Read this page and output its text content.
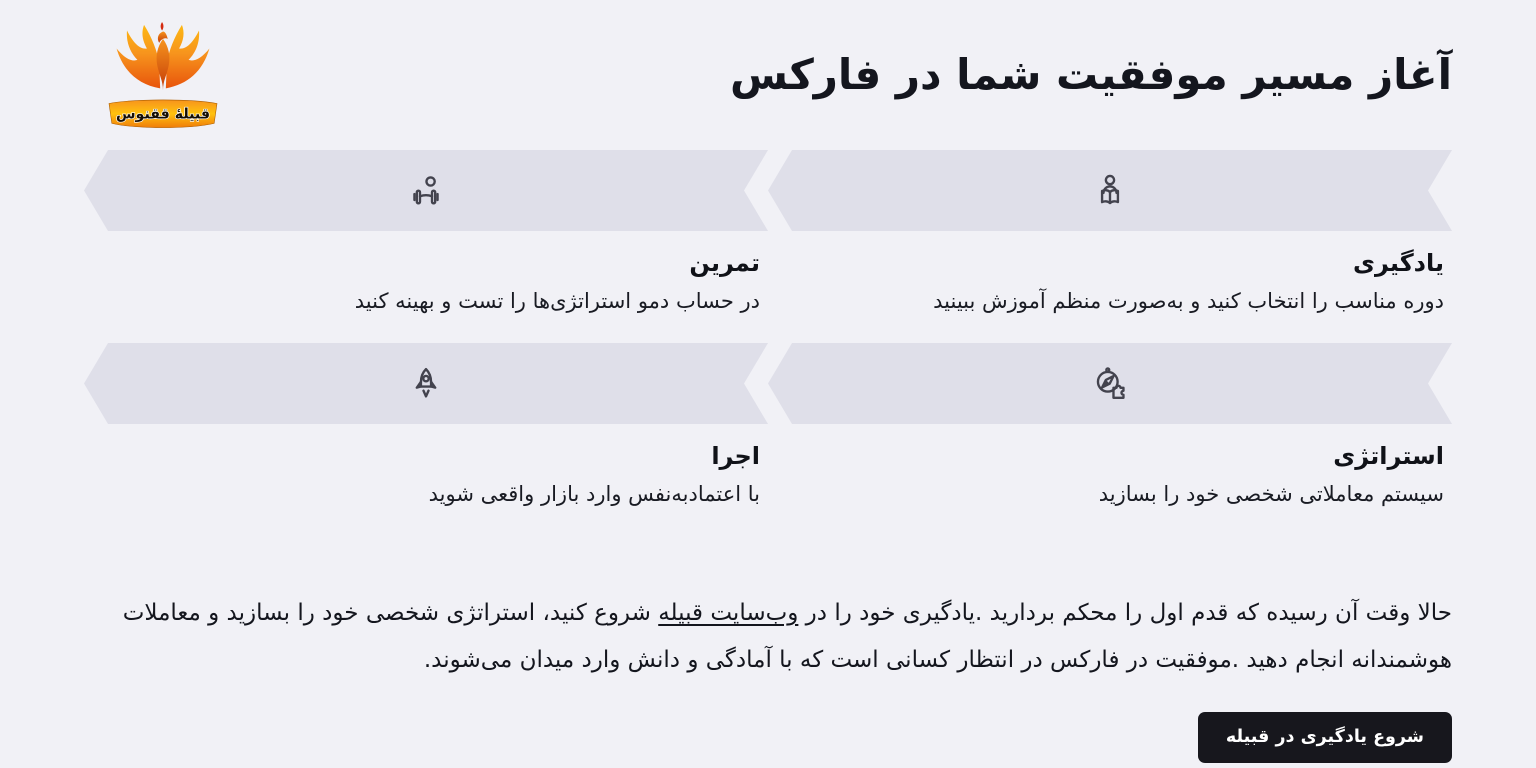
آغاز مسیر موفقیت شما در فارکس
قبیلهٔ ققنوس
یادگیری
دوره مناسب را انتخاب کنید و به‌صورت منظم آموزش ببینید
تمرین
در حساب دمو استراتژی‌ها را تست و بهینه کنید
استراتژی
سیستم معاملاتی شخصی خود را بسازید
اجرا
با اعتمادبه‌نفس وارد بازار واقعی شوید

حالا وقت آن رسیده که قدم اول را محکم بردارید .یادگیری خود را در وب‌سایت قبیله شروع کنید، استراتژی شخصی خود را بسازید و معاملات هوشمندانه انجام دهید .موفقیت در فارکس در انتظار کسانی است که با آمادگی و دانش وارد میدان می‌شوند.

شروع یادگیری در قبیله
